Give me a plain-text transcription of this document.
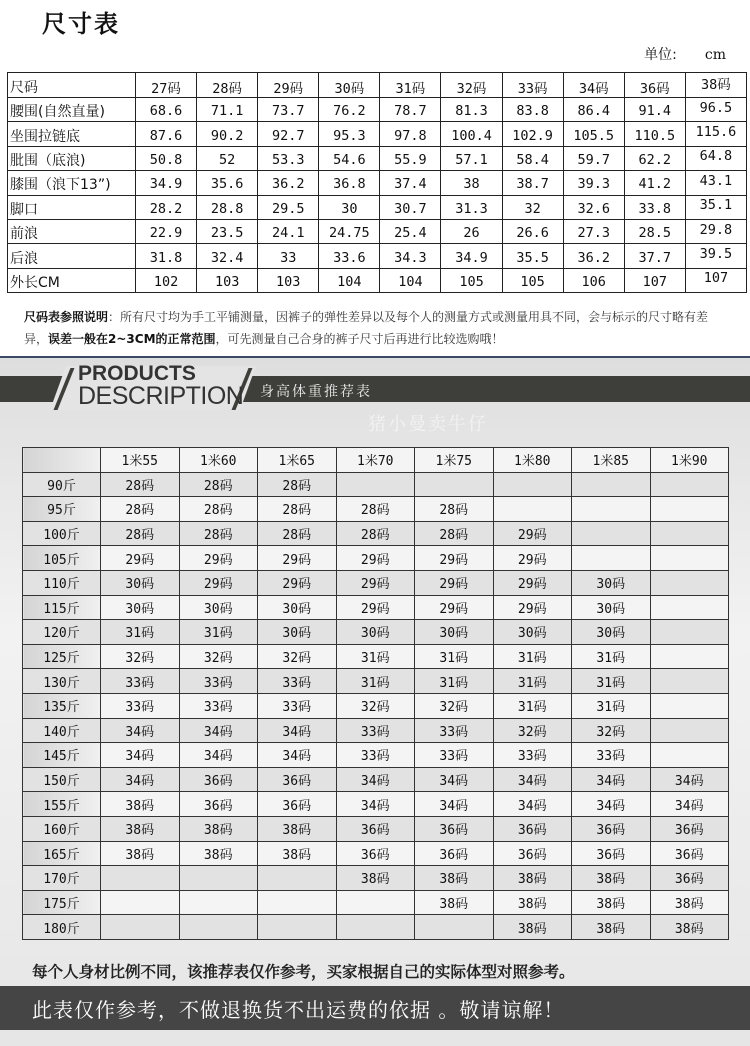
尺寸表
单位: cm
尺码	27码	28码	29码	30码	31码	32码	33码	34码	36码	38码
腰围(自然直量)	68.6	71.1	73.7	76.2	78.7	81.3	83.8	86.4	91.4	96.5
坐围拉链底	87.6	90.2	92.7	95.3	97.8	100.4	102.9	105.5	110.5	115.6
肶围（底浪)	50.8	52	53.3	54.6	55.9	57.1	58.4	59.7	62.2	64.8
膝围（浪下13”)	34.9	35.6	36.2	36.8	37.4	38	38.7	39.3	41.2	43.1
脚口	28.2	28.8	29.5	30	30.7	31.3	32	32.6	33.8	35.1
前浪	22.9	23.5	24.1	24.75	25.4	26	26.6	27.3	28.5	29.8
后浪	31.8	32.4	33	33.6	34.3	34.9	35.5	36.2	37.7	39.5
外长CM	102	103	103	104	104	105	105	106	107	107
尺码表参照说明：所有尺寸均为手工平铺测量，因裤子的弹性差异以及每个人的测量方式或测量用具不同，会与标示的尺寸略有差异，误差一般在2~3CM的正常范围，可先测量自己合身的裤子尺寸后再进行比较选购哦！
PRODUCTS
DESCRIPTION 身高体重推荐表
猪小曼卖牛仔
	1米55	1米60	1米65	1米70	1米75	1米80	1米85	1米90
90斤	28码	28码	28码					
95斤	28码	28码	28码	28码	28码			
100斤	28码	28码	28码	28码	28码	29码		
105斤	29码	29码	29码	29码	29码	29码		
110斤	30码	29码	29码	29码	29码	29码	30码	
115斤	30码	30码	30码	29码	29码	29码	30码	
120斤	31码	31码	30码	30码	30码	30码	30码	
125斤	32码	32码	32码	31码	31码	31码	31码	
130斤	33码	33码	33码	31码	31码	31码	31码	
135斤	33码	33码	33码	32码	32码	31码	31码	
140斤	34码	34码	34码	33码	33码	32码	32码	
145斤	34码	34码	34码	33码	33码	33码	33码	
150斤	34码	36码	36码	34码	34码	34码	34码	34码
155斤	38码	36码	36码	34码	34码	34码	34码	34码
160斤	38码	38码	38码	36码	36码	36码	36码	36码
165斤	38码	38码	38码	36码	36码	36码	36码	36码
170斤				38码	38码	38码	38码	36码
175斤					38码	38码	38码	38码
180斤						38码	38码	38码
每个人身材比例不同，该推荐表仅作参考，买家根据自己的实际体型对照参考。
此表仅作参考，不做退换货不出运费的依据 。敬请谅解！
